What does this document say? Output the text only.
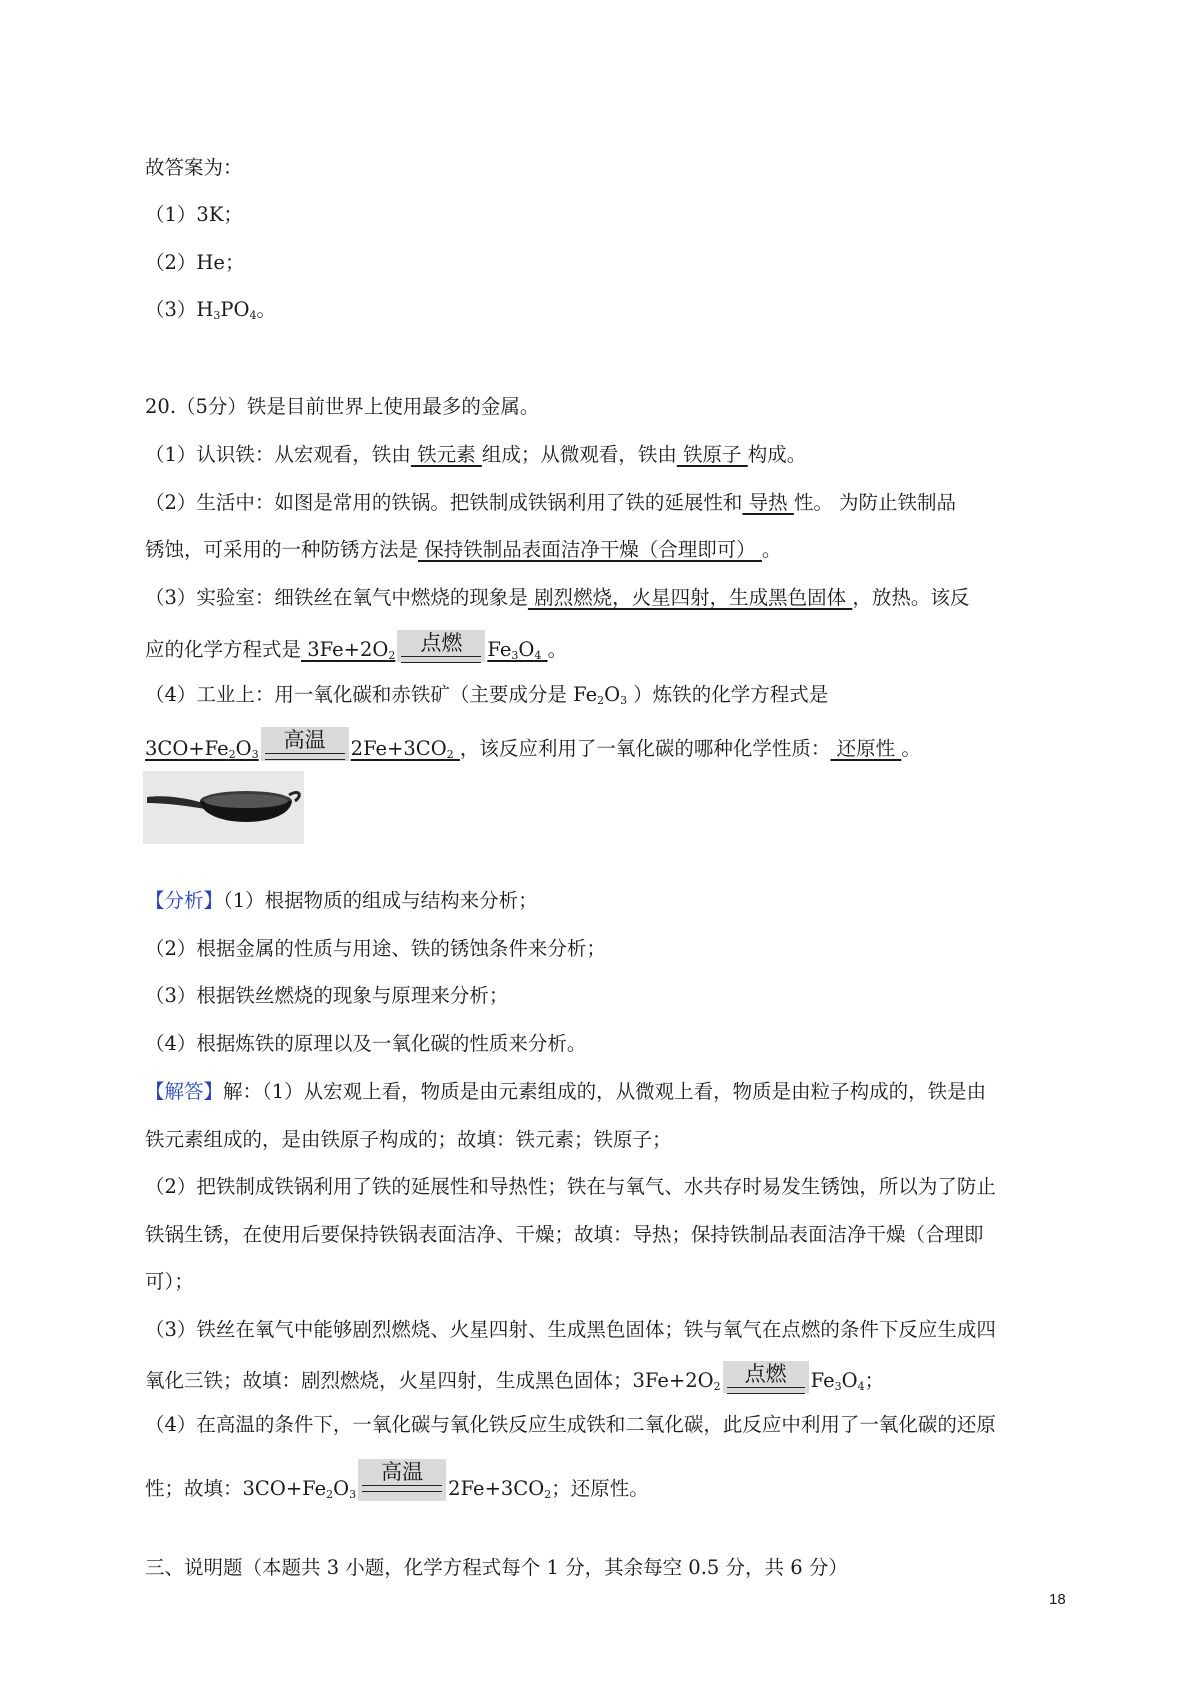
故答案为：
（1）3K；
（2）He；
$(3)H_3PO_4$。
20.（5分）铁是目前世界上使用最多的金属。
（1）认识铁：从宏观看，铁由 铁元素 组成；从微观看，铁由 铁原子 构成。
（2）生活中：如图是常用的铁锅。把铁制成铁锅利用了铁的延展性和 导热 性。 为防止铁制品
锈蚀，可采用的一种防锈方法是 保持铁制品表面洁净干燥（合理即可） 。
（3）实验室：细铁丝在氧气中燃烧的现象是 剧烈燃烧，火星四射，生成黑色固体 ，放热。该反
应的化学方程式是 $3Fe+2O_2$
点燃	$Fe_3O_4$ 。
（4）工业上：用一氧化碳和赤铁矿（主要成分是 $Fe_2O_3$ ）炼铁的化学方程式是
$3CO+Fe_2O_3$
高温	$2Fe+3CO_2$ ，该反应利用了一氧化碳的哪种化学性质： 还原性 。
【分析】（1）根据物质的组成与结构来分析；
（2）根据金属的性质与用途、铁的锈蚀条件来分析；
（3）根据铁丝燃烧的现象与原理来分析；
（4）根据炼铁的原理以及一氧化碳的性质来分析。
【解答】解：（1）从宏观上看，物质是由元素组成的，从微观上看，物质是由粒子构成的，铁是由
铁元素组成的，是由铁原子构成的；故填：铁元素；铁原子；
（2）把铁制成铁锅利用了铁的延展性和导热性；铁在与氧气、水共存时易发生锈蚀，所以为了防止
铁锅生锈，在使用后要保持铁锅表面洁净、干燥；故填：导热；保持铁制品表面洁净干燥（合理即
可）；
（3）铁丝在氧气中能够剧烈燃烧、火星四射、生成黑色固体；铁与氧气在点燃的条件下反应生成四
氧化三铁；故填：剧烈燃烧，火星四射，生成黑色固体；$3Fe+2O_2$
点燃	$Fe_3O_4$；
（4）在高温的条件下，一氧化碳与氧化铁反应生成铁和二氧化碳，此反应中利用了一氧化碳的还原
性；故填：$3CO+Fe_2O_3$
高温
$2Fe+3CO_2$；还原性。
三、说明题（本题共 3 小题，化学方程式每个 1 分，其余每空 0.5 分，共 6 分）
18
